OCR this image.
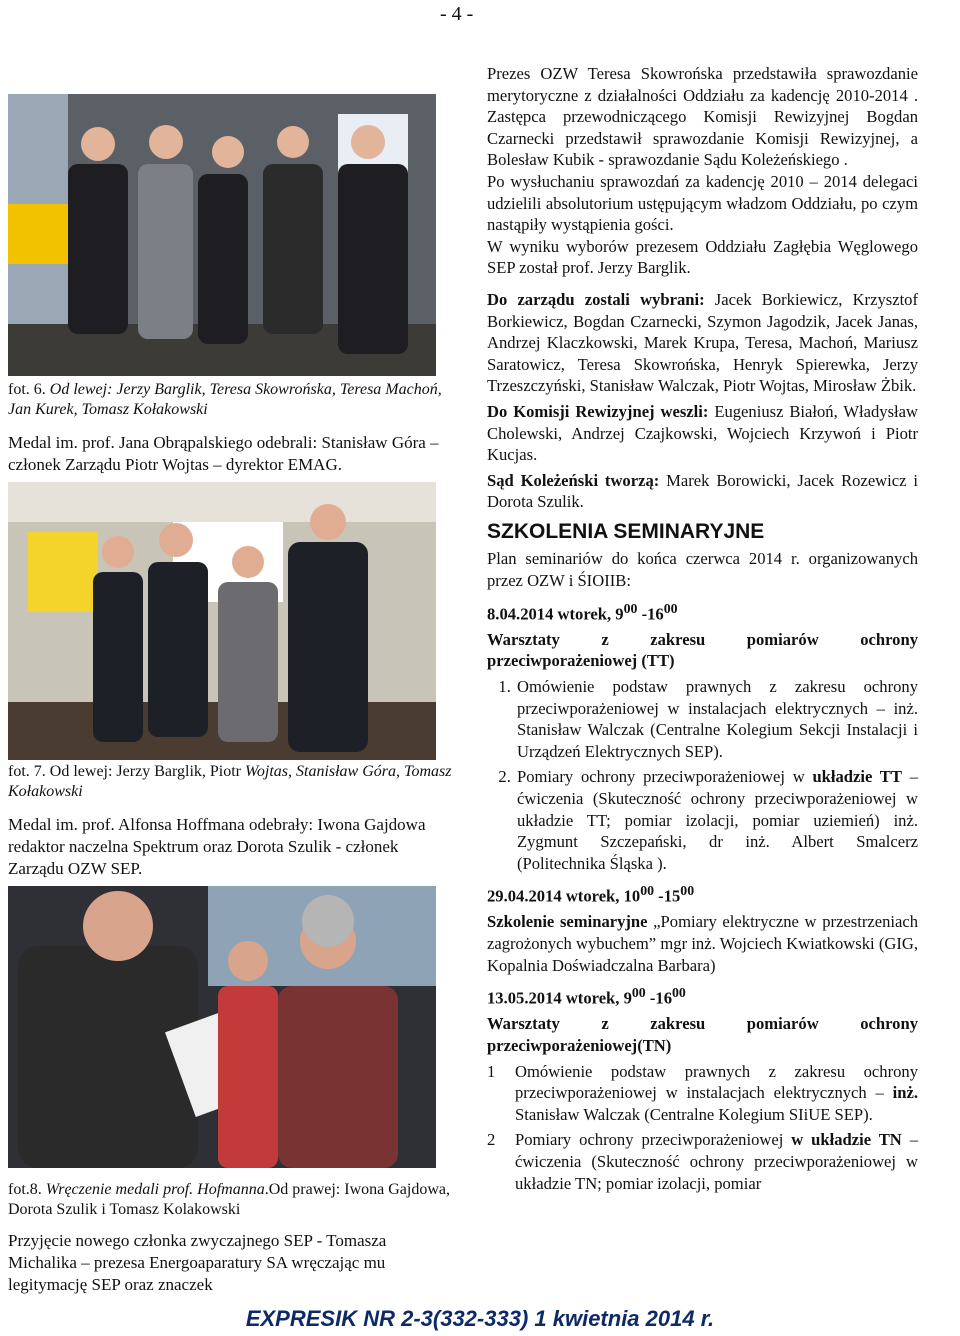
- 4 -
fot. 6. Od lewej: Jerzy Barglik, Teresa Skowrońska, Teresa Machoń, Jan Kurek, Tomasz Kołakowski
Medal im. prof. Jana Obrąpalskiego odebrali: Stanisław Góra – członek Zarządu Piotr Wojtas – dyrektor EMAG.
fot. 7. Od lewej: Jerzy Barglik, Piotr Wojtas, Stanisław Góra, Tomasz Kołakowski
Medal im. prof. Alfonsa Hoffmana odebrały: Iwona Gajdowa redaktor naczelna Spektrum oraz Dorota Szulik - członek Zarządu OZW SEP.
fot.8. Wręczenie medali prof. Hofmanna.Od prawej: Iwona Gajdowa, Dorota Szulik i Tomasz Kolakowski
Przyjęcie nowego członka zwyczajnego SEP - Tomasza Michalika – prezesa Energoaparatury SA wręczając mu legitymację SEP oraz znaczek

Prezes OZW Teresa Skowrońska przedstawiła sprawozdanie merytoryczne z działalności Oddziału za kadencję 2010-2014 . Zastępca przewodniczącego Komisji Rewizyjnej Bogdan Czarnecki przedstawił sprawozdanie Komisji Rewizyjnej, a Bolesław Kubik - sprawozdanie Sądu Koleżeńskiego .

Po wysłuchaniu sprawozdań za kadencję 2010 – 2014 delegaci udzielili absolutorium ustępującym władzom Oddziału, po czym nastąpiły wystąpienia gości.

W wyniku wyborów prezesem Oddziału Zagłębia Węglowego SEP został prof. Jerzy Barglik.

Do zarządu zostali wybrani: Jacek Borkiewicz, Krzysztof Borkiewicz, Bogdan Czarnecki, Szymon Jagodzik, Jacek Janas, Andrzej Klaczkowski, Marek Krupa, Teresa, Machoń, Mariusz Saratowicz, Teresa Skowrońska, Henryk Spierewka, Jerzy Trzeszczyński, Stanisław Walczak, Piotr Wojtas, Mirosław Żbik.

Do Komisji Rewizyjnej weszli: Eugeniusz Białoń, Władysław Cholewski, Andrzej Czajkowski, Wojciech Krzywoń i Piotr Kucjas.

Sąd Koleżeński tworzą: Marek Borowicki, Jacek Rozewicz i Dorota Szulik.

SZKOLENIA SEMINARYJNE

Plan seminariów do końca czerwca 2014 r. organizowanych przez OZW i ŚIOIIB:

8.04.2014 wtorek, $9^{00}$ $-16^{00}$

Warsztaty z zakresu pomiarów ochrony przeciwporażeniowej (TT)

1. Omówienie podstaw prawnych z zakresu ochrony przeciwporażeniowej w instalacjach elektrycznych – inż. Stanisław Walczak (Centralne Kolegium Sekcji Instalacji i Urządzeń Elektrycznych SEP).
2. Pomiary ochrony przeciwporażeniowej w układzie TT – ćwiczenia (Skuteczność ochrony przeciwporażeniowej w układzie TT; pomiar izolacji, pomiar uziemień) inż. Zygmunt Szczepański, dr inż. Albert Smalcerz (Politechnika Śląska ).
29.04.2014 wtorek, $10^{00}$ $-15^{00}$

Szkolenie seminaryjne „Pomiary elektryczne w przestrzeniach zagrożonych wybuchem” mgr inż. Wojciech Kwiatkowski (GIG, Kopalnia Doświadczalna Barbara)

13.05.2014 wtorek, $9^{00}$ $-16^{00}$

Warsztaty z zakresu pomiarów ochrony przeciwporażeniowej(TN)

1	Omówienie podstaw prawnych z zakresu ochrony przeciwporażeniowej w instalacjach elektrycznych – inż. Stanisław Walczak (Centralne Kolegium SIiUE SEP).
2	Pomiary ochrony przeciwporażeniowej w układzie TN – ćwiczenia (Skuteczność ochrony przeciwporażeniowej w układzie TN; pomiar izolacji, pomiar
EXPRESIK NR 2-3(332-333) 1 kwietnia 2014 r.
